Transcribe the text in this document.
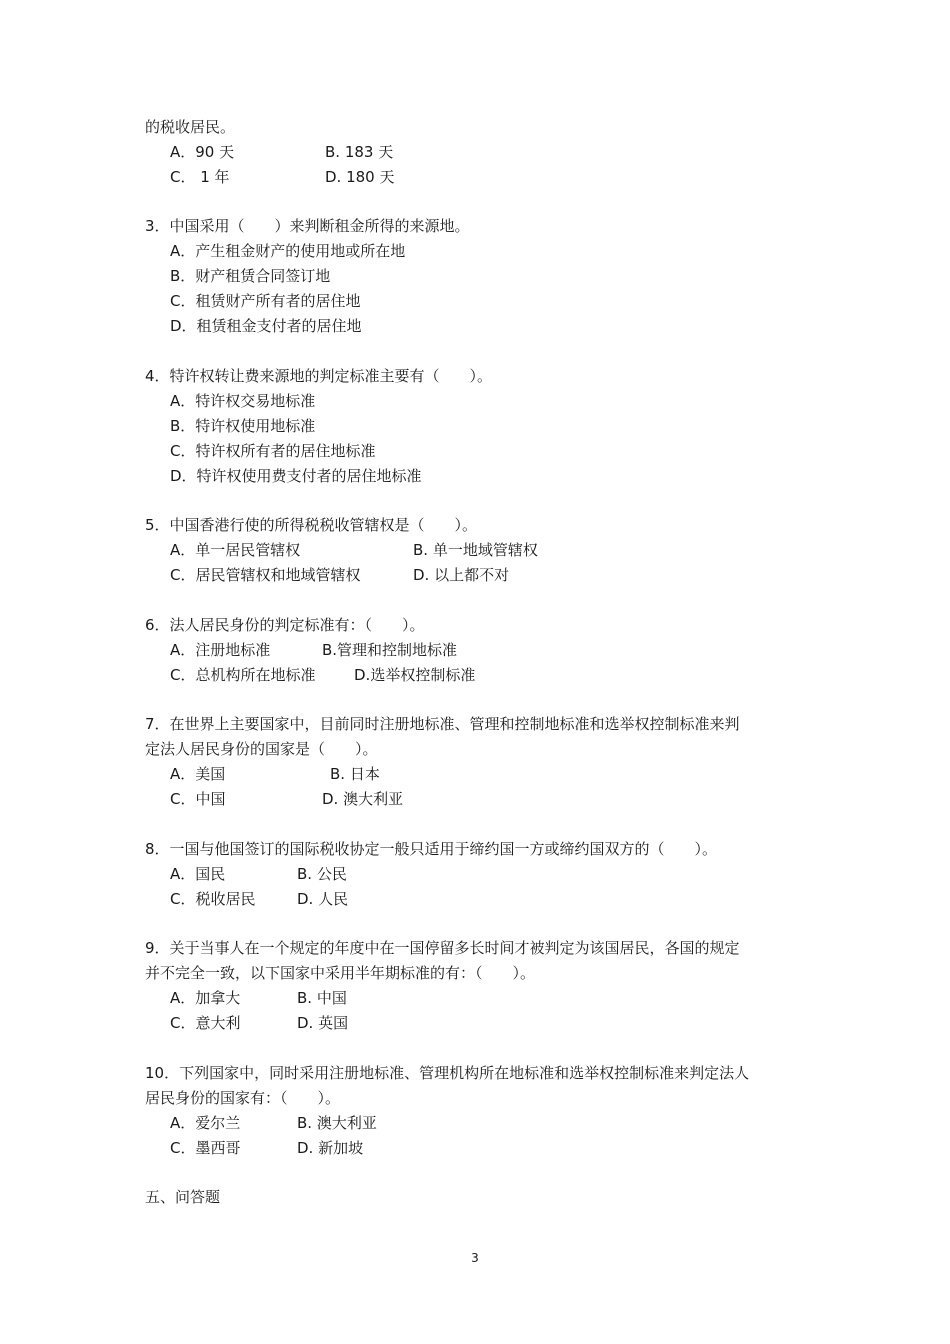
的税收居民。
A．90 天	B. 183 天
C． 1 年	D. 180 天
3．中国采用（　　）来判断租金所得的来源地。
A．产生租金财产的使用地或所在地
B．财产租赁合同签订地
C．租赁财产所有者的居住地
D．租赁租金支付者的居住地
4．特许权转让费来源地的判定标准主要有（　　）。
A．特许权交易地标准
B．特许权使用地标准
C．特许权所有者的居住地标准
D．特许权使用费支付者的居住地标准
5．中国香港行使的所得税税收管辖权是（　　）。
A．单一居民管辖权	B. 单一地域管辖权
C．居民管辖权和地域管辖权	D. 以上都不对
6．法人居民身份的判定标准有：（　　）。
A．注册地标准	B.管理和控制地标准
C．总机构所在地标准	D.选举权控制标准
7．在世界上主要国家中，目前同时注册地标准、管理和控制地标准和选举权控制标准来判
定法人居民身份的国家是（　　）。
A．美国	B. 日本
C．中国	D. 澳大利亚
8．一国与他国签订的国际税收协定一般只适用于缔约国一方或缔约国双方的（　　）。
A．国民	B. 公民
C．税收居民	D. 人民
9．关于当事人在一个规定的年度中在一国停留多长时间才被判定为该国居民，各国的规定
并不完全一致，以下国家中采用半年期标准的有：（　　）。
A．加拿大	B. 中国
C．意大利	D. 英国
10．下列国家中，同时采用注册地标准、管理机构所在地标准和选举权控制标准来判定法人
居民身份的国家有：（　　）。
A．爱尔兰	B. 澳大利亚
C．墨西哥	D. 新加坡
五、问答题
3
